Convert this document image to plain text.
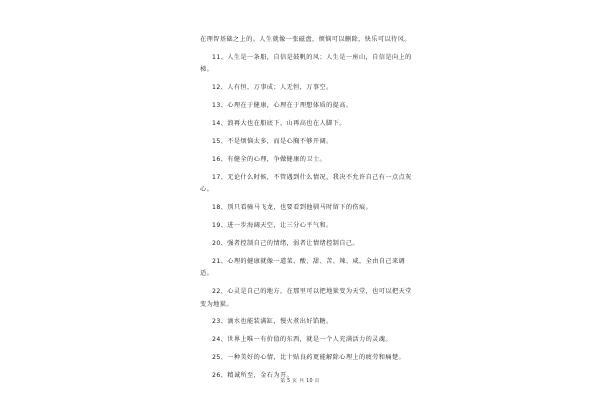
在理智基础之上的。人生就像一张磁盘，烦恼可以删除，快乐可以待风。

11、人生是一条船，自信是鼓帆的风；人生是一座山，自信是向上的梯。

12、人有恒，万事成；人无恒，万事空。

13、心理在于健康，心理在于理想体质的提高。

14、浪再大也在船底下，山再高也在人脚下。

15、不是烦恼太多，而是心胸不够开阔。

16、有健全的心理，争做健康的卫士。

17、无论什么时候，不管遇到什么情况，我决不允许自己有一点点灰心。

18、别只看骑马飞龙，也要看到他驯马时留下的伤痕。

19、进一步海阔天空，让三分心平气和。

20、强者控制自己的情绪，弱者让情绪控制自己。

21、心理的健康就像一道菜，酸、甜、苦、辣、咸，全由自己来调适。

22、心灵是自己的地方，在那里可以把地狱变为天堂，也可以把天堂变为地狱。

23、滴水也能装满缸，慢火煮出好馅糖。

24、世界上唯一有价值的东西，就是一个人充满活力的灵魂。

25、一种美好的心情，比十贴良药更能解除心理上的疲劳和痛楚。

26、精诚所至，金石为开。

第 5 页 共 10 页
